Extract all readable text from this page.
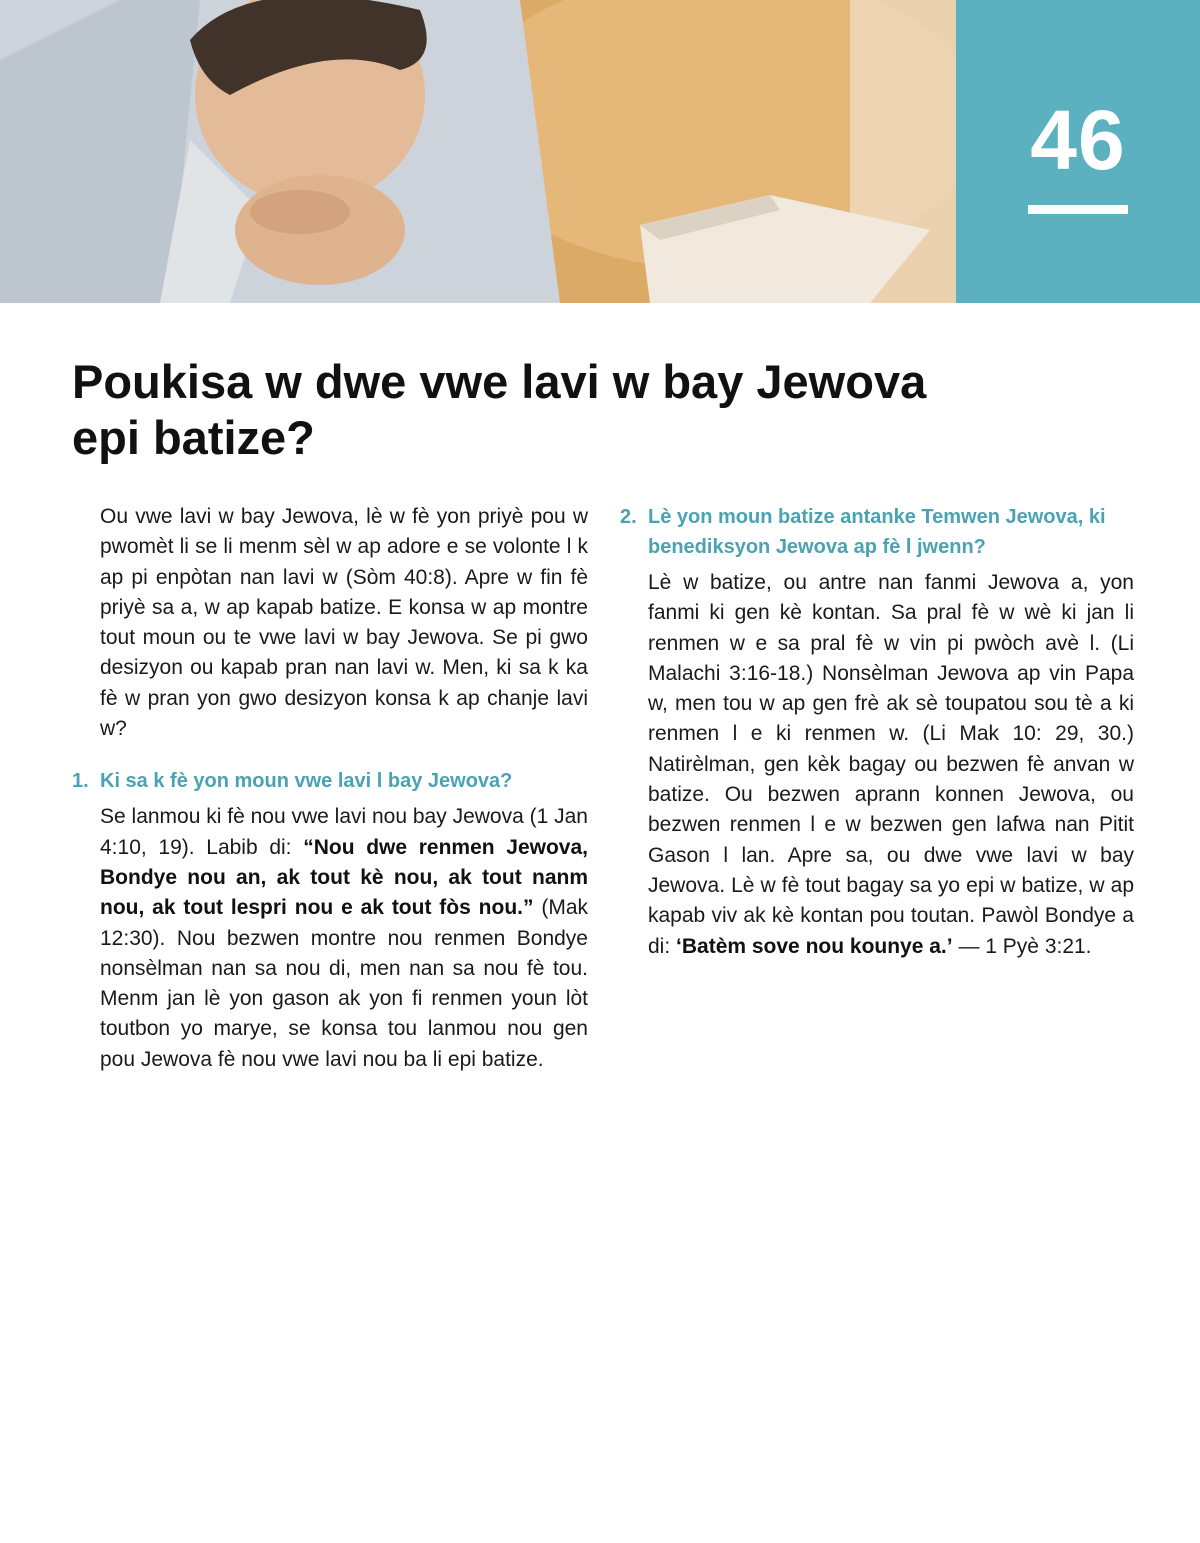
46
Poukisa w dwe vwe lavi w bay Jewova
epi batize?

Ou vwe lavi w bay Jewova, lè w fè yon priyè pou w pwomèt li se li menm sèl w ap adore e se volonte l k ap pi enpòtan nan lavi w (Sòm 40:8). Apre w fin fè priyè sa a, w ap kapab batize. E konsa w ap montre tout moun ou te vwe lavi w bay Jewova. Se pi gwo desizyon ou kapab pran nan lavi w. Men, ki sa k ka fè w pran yon gwo desizyon konsa k ap chanje lavi w?

1. Ki sa k fè yon moun vwe lavi l bay Jewova?

Se lanmou ki fè nou vwe lavi nou bay Jewova (1 Jan 4:10, 19). Labib di: “Nou dwe renmen Jewova, Bondye nou an, ak tout kè nou, ak tout nanm nou, ak tout lespri nou e ak tout fòs nou.” (Mak 12:30). Nou bezwen montre nou renmen Bondye nonsèlman nan sa nou di, men nan sa nou fè tou. Menm jan lè yon gason ak yon fi renmen youn lòt toutbon yo marye, se konsa tou lanmou nou gen pou Jewova fè nou vwe lavi nou ba li epi batize.

2. Lè yon moun batize antanke Temwen Jewova, ki benediksyon Jewova ap fè l jwenn?

Lè w batize, ou antre nan fanmi Jewova a, yon fanmi ki gen kè kontan. Sa pral fè w wè ki jan li renmen w e sa pral fè w vin pi pwòch avè l. (Li Malachi 3:16-18.) Nonsèlman Jewova ap vin Papa w, men tou w ap gen frè ak sè toupatou sou tè a ki renmen l e ki renmen w. (Li Mak 10: 29, 30.) Natirèlman, gen kèk bagay ou bezwen fè anvan w batize. Ou bezwen aprann konnen Jewova, ou bezwen renmen l e w bezwen gen lafwa nan Pitit Gason l lan. Apre sa, ou dwe vwe lavi w bay Jewova. Lè w fè tout bagay sa yo epi w batize, w ap kapab viv ak kè kontan pou toutan. Pawòl Bondye a di: ‘Batèm sove nou kounye a.’ — 1 Pyè 3:21.
